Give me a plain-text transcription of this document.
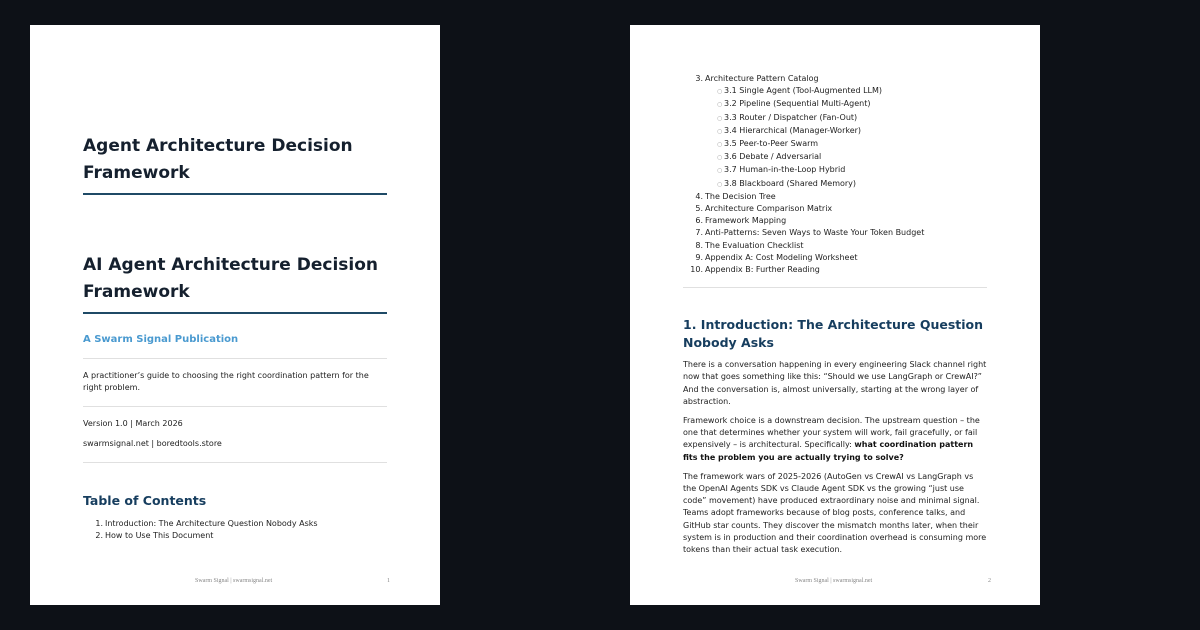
Agent Architecture Decision Framework
AI Agent Architecture Decision Framework
A Swarm Signal Publication
A practitioner’s guide to choosing the right coordination pattern for the right problem.
Version 1.0 | March 2026
swarmsignal.net | boredtools.store
Table of Contents
1. Introduction: The Architecture Question Nobody Asks
2. How to Use This Document
Swarm Signal | swarmsignal.net	1
3. Architecture Pattern Catalog
○ 3.1 Single Agent (Tool-Augmented LLM)
○ 3.2 Pipeline (Sequential Multi-Agent)
○ 3.3 Router / Dispatcher (Fan-Out)
○ 3.4 Hierarchical (Manager-Worker)
○ 3.5 Peer-to-Peer Swarm
○ 3.6 Debate / Adversarial
○ 3.7 Human-in-the-Loop Hybrid
○ 3.8 Blackboard (Shared Memory)
4. The Decision Tree
5. Architecture Comparison Matrix
6. Framework Mapping
7. Anti-Patterns: Seven Ways to Waste Your Token Budget
8. The Evaluation Checklist
9. Appendix A: Cost Modeling Worksheet
10. Appendix B: Further Reading
1. Introduction: The Architecture Question Nobody Asks

There is a conversation happening in every engineering Slack channel right now that goes something like this: “Should we use LangGraph or CrewAI?” And the conversation is, almost universally, starting at the wrong layer of abstraction.

Framework choice is a downstream decision. The upstream question – the one that determines whether your system will work, fail gracefully, or fail expensively – is architectural. Specifically: what coordination pattern fits the problem you are actually trying to solve?

The framework wars of 2025-2026 (AutoGen vs CrewAI vs LangGraph vs the OpenAI Agents SDK vs Claude Agent SDK vs the growing “just use code” movement) have produced extraordinary noise and minimal signal. Teams adopt frameworks because of blog posts, conference talks, and GitHub star counts. They discover the mismatch months later, when their system is in production and their coordination overhead is consuming more tokens than their actual task execution.

Swarm Signal | swarmsignal.net	2
